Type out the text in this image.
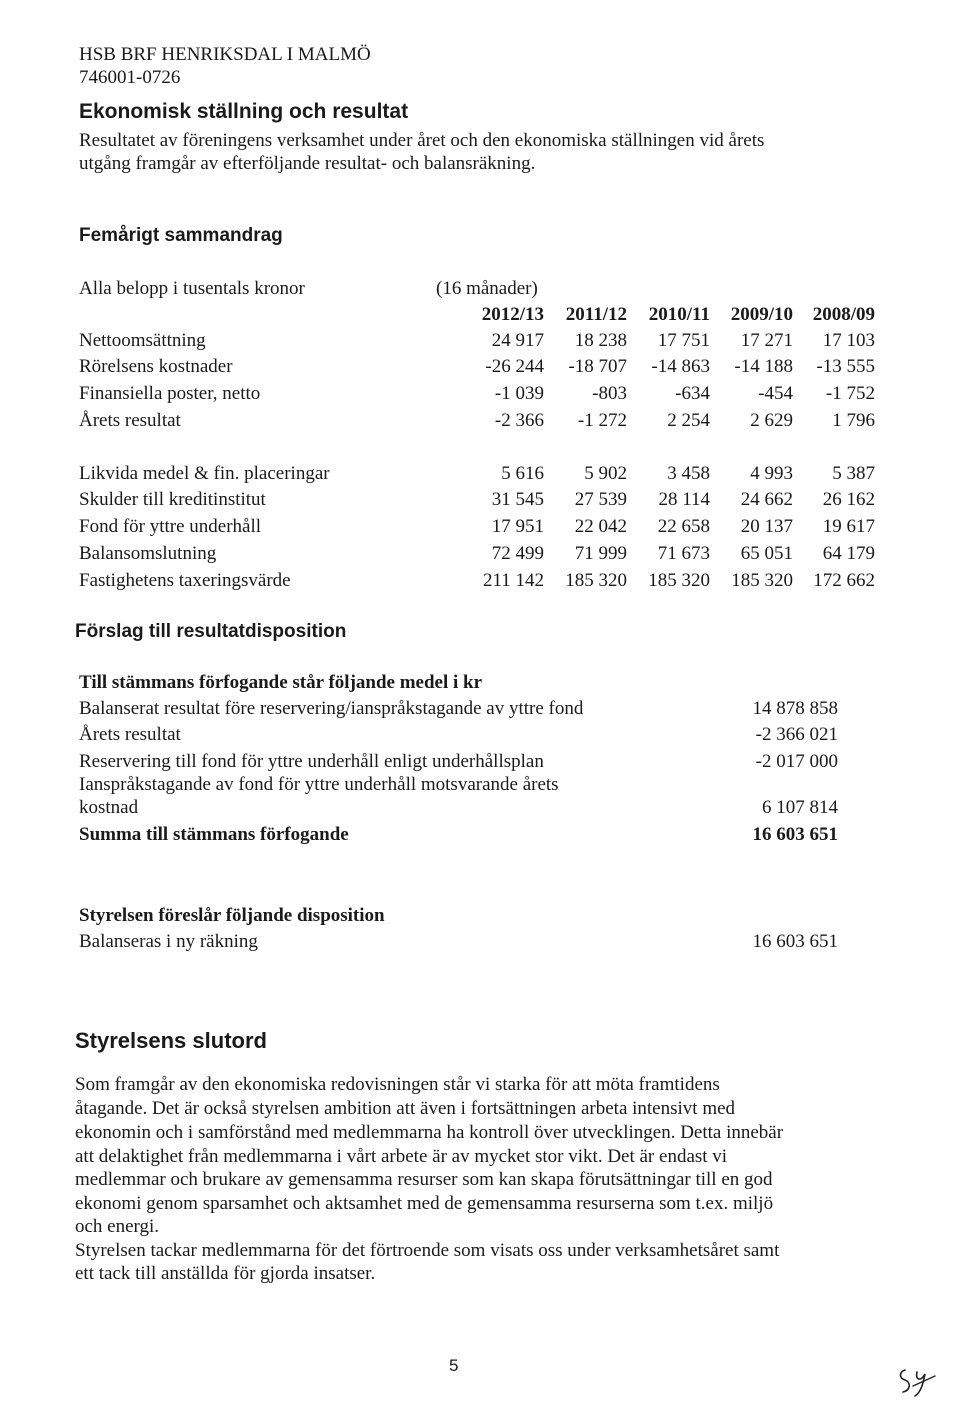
HSB BRF HENRIKSDAL I MALMÖ
746001-0726
Ekonomisk ställning och resultat
Resultatet av föreningens verksamhet under året och den ekonomiska ställningen vid årets
utgång framgår av efterföljande resultat- och balansräkning.
Femårigt sammandrag
Alla belopp i tusentals kronor	(16 månader)
2012/13	2011/12	2010/11	2009/10	2008/09
Nettoomsättning	24 917	18 238	17 751	17 271	17 103
Rörelsens kostnader	-26 244	-18 707	-14 863	-14 188	-13 555
Finansiella poster, netto	-1 039	-803	-634	-454	-1 752
Årets resultat	-2 366	-1 272	2 254	2 629	1 796
Likvida medel & fin. placeringar	5 616	5 902	3 458	4 993	5 387
Skulder till kreditinstitut	31 545	27 539	28 114	24 662	26 162
Fond för yttre underhåll	17 951	22 042	22 658	20 137	19 617
Balansomslutning	72 499	71 999	71 673	65 051	64 179
Fastighetens taxeringsvärde	211 142	185 320	185 320	185 320	172 662
Förslag till resultatdisposition
Till stämmans förfogande står följande medel i kr
Balanserat resultat före reservering/ianspråkstagande av yttre fond	14 878 858
Årets resultat	-2 366 021
Reservering till fond för yttre underhåll enligt underhållsplan	-2 017 000
Ianspråkstagande av fond för yttre underhåll motsvarande årets
kostnad	6 107 814
Summa till stämmans förfogande	16 603 651
Styrelsen föreslår följande disposition
Balanseras i ny räkning	16 603 651
Styrelsens slutord
Som framgår av den ekonomiska redovisningen står vi starka för att möta framtidens
åtagande. Det är också styrelsen ambition att även i fortsättningen arbeta intensivt med
ekonomin och i samförstånd med medlemmarna ha kontroll över utvecklingen. Detta innebär
att delaktighet från medlemmarna i vårt arbete är av mycket stor vikt. Det är endast vi
medlemmar och brukare av gemensamma resurser som kan skapa förutsättningar till en god
ekonomi genom sparsamhet och aktsamhet med de gemensamma resurserna som t.ex. miljö
och energi.
Styrelsen tackar medlemmarna för det förtroende som visats oss under verksamhetsåret samt
ett tack till anställda för gjorda insatser.
5
